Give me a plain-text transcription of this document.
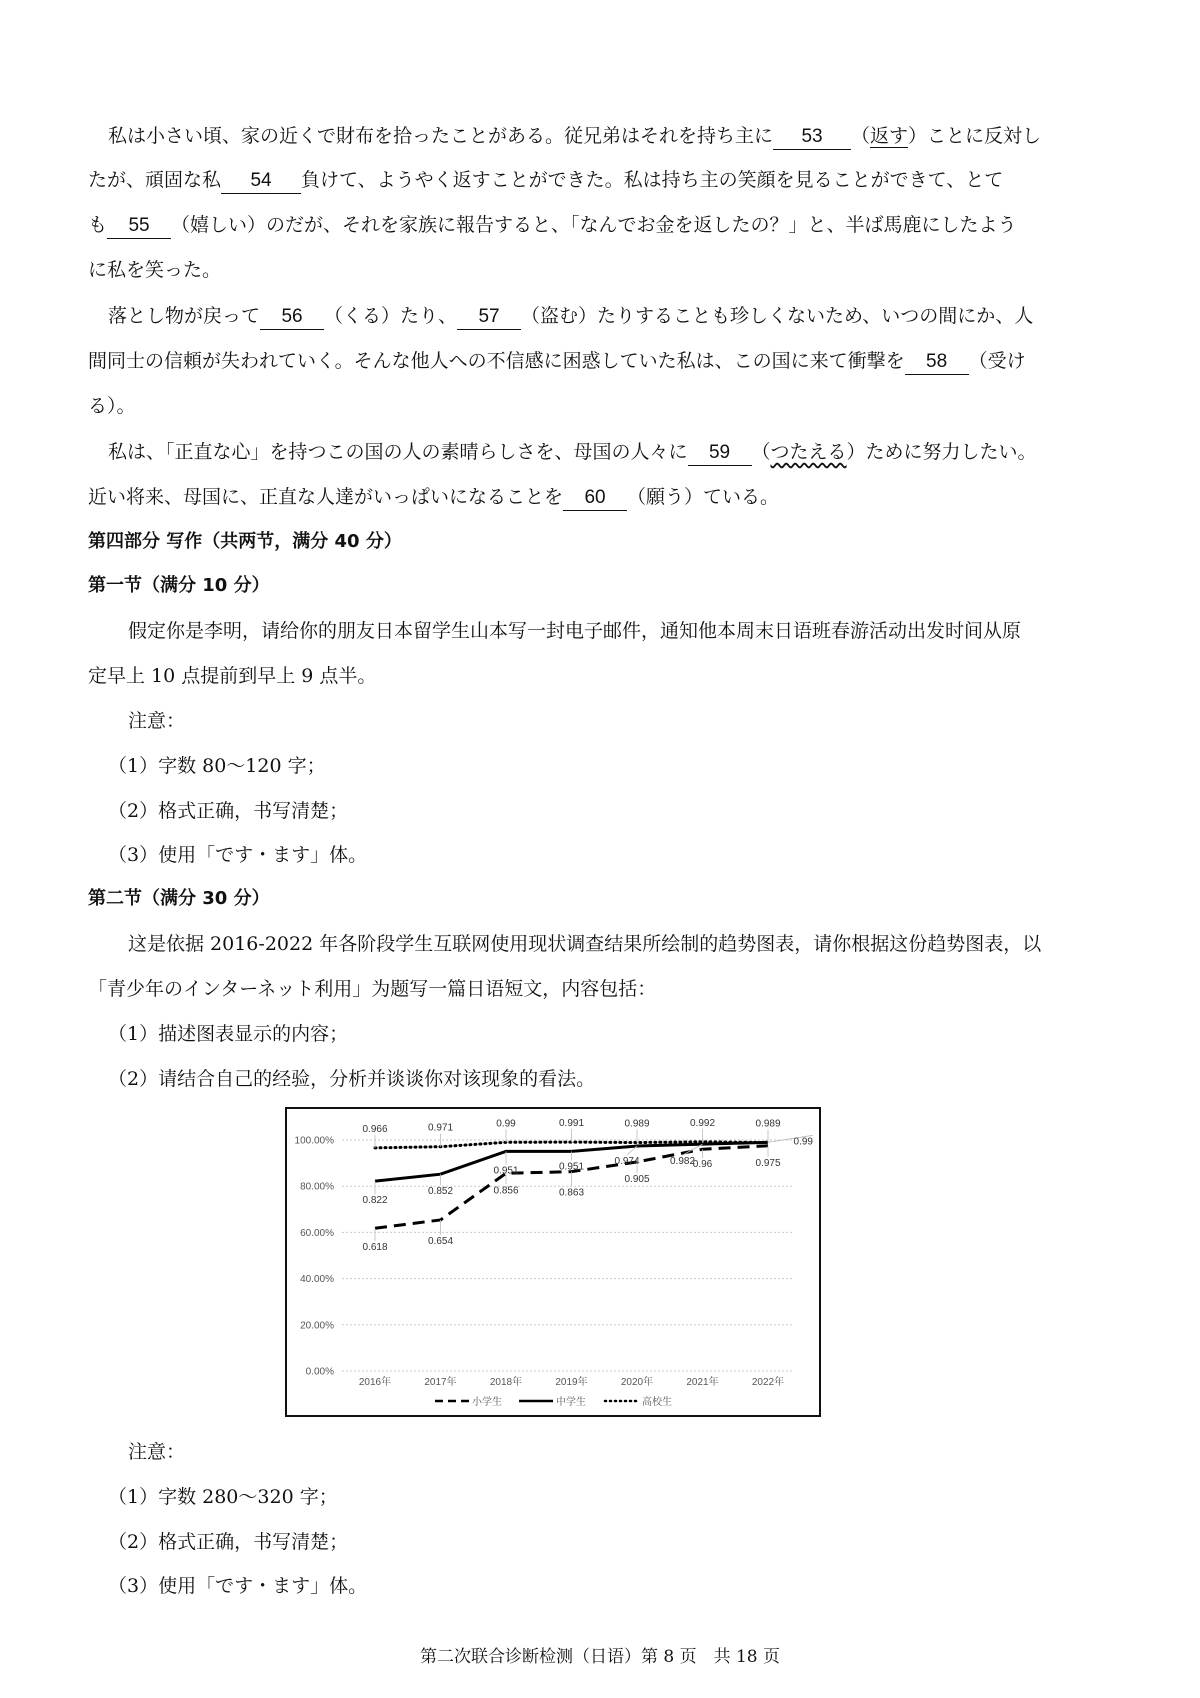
私は小さい頃、家の近くで財布を拾ったことがある。従兄弟はそれを持ち主に 53 （返す）ことに反対し
たが、頑固な私 54 負けて、ようやく返すことができた。私は持ち主の笑顔を見ることができて、とて
も 55 （嬉しい）のだが、それを家族に報告すると、「なんでお金を返したの？」と、半ば馬鹿にしたよう
に私を笑った。
落とし物が戻って 56 （くる）たり、 57 （盗む）たりすることも珍しくないため、いつの間にか、人
間同士の信頼が失われていく。そんな他人への不信感に困惑していた私は、この国に来て衝撃を 58 （受け
る）。
私は、「正直な心」を持つこの国の人の素晴らしさを、母国の人々に 59 （つたえる）ために努力したい。
近い将来、母国に、正直な人達がいっぱいになることを 60 （願う）ている。
第四部分 写作（共两节，满分 40 分）
第一节（满分 10 分）
假定你是李明，请给你的朋友日本留学生山本写一封电子邮件，通知他本周末日语班春游活动出发时间从原
定早上 10 点提前到早上 9 点半。
注意：
（1）字数 80～120 字；
（2）格式正确，书写清楚；
（3）使用「です・ます」体。
第二节（满分 30 分）
这是依据 2016-2022 年各阶段学生互联网使用现状调查结果所绘制的趋势图表，请你根据这份趋势图表，以
「青少年のインターネット利用」为题写一篇日语短文，内容包括：
（1）描述图表显示的内容；
（2）请结合自己的经验，分析并谈谈你对该现象的看法。
0.00%
20.00%
40.00%
60.00%
80.00%
100.00%
2016年	2017年	2018年	2019年	2020年	2021年	2022年
0.618
0.654
0.856	0.863
0.905
0.96	0.975
0.822
0.852
0.951	0.951	0.974	0.982
0.99
0.966	0.971	0.99	0.991	0.989	0.992	0.989
小学生	中学生	高校生
注意：
（1）字数 280～320 字；
（2）格式正确，书写清楚；
（3）使用「です・ます」体。
第二次联合诊断检测（日语）第 8 页　共 18 页
